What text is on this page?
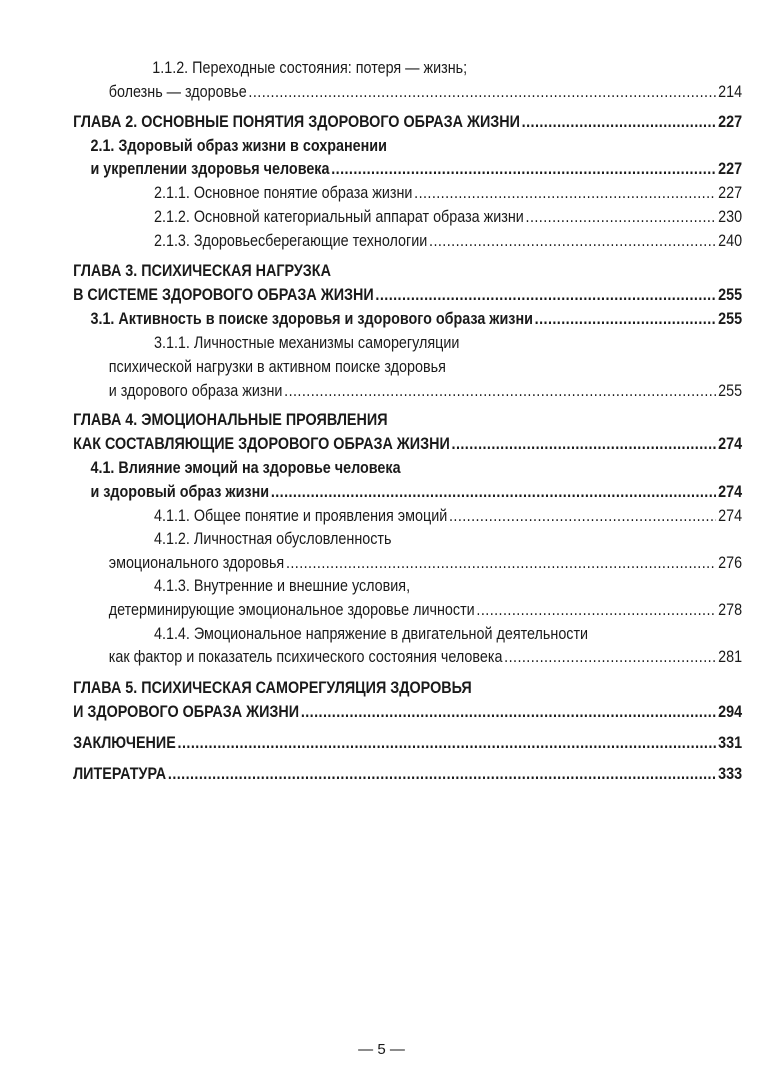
1.1.2. Переходные состояния: потеря — жизнь;
болезнь — здоровье .....	214
ГЛАВА 2. ОСНОВНЫЕ ПОНЯТИЯ ЗДОРОВОГО ОБРАЗА ЖИЗНИ .....	227
2.1. Здоровый образ жизни в сохранении
и укреплении здоровья человека .....	227
2.1.1. Основное понятие образа жизни .....	227
2.1.2. Основной категориальный аппарат образа жизни .....	230
2.1.3. Здоровьесберегающие технологии .....	240
ГЛАВА 3. ПСИХИЧЕСКАЯ НАГРУЗКА
В СИСТЕМЕ ЗДОРОВОГО ОБРАЗА ЖИЗНИ .....	255
3.1. Активность в поиске здоровья и здорового образа жизни .....	255
3.1.1. Личностные механизмы саморегуляции
психической нагрузки в активном поиске здоровья
и здорового образа жизни .....	255
ГЛАВА 4. ЭМОЦИОНАЛЬНЫЕ ПРОЯВЛЕНИЯ
КАК СОСТАВЛЯЮЩИЕ ЗДОРОВОГО ОБРАЗА ЖИЗНИ .....	274
4.1. Влияние эмоций на здоровье человека
и здоровый образ жизни .....	274
4.1.1. Общее понятие и проявления эмоций .....	274
4.1.2. Личностная обусловленность
эмоционального здоровья .....	276
4.1.3. Внутренние и внешние условия,
детерминирующие эмоциональное здоровье личности .....	278
4.1.4. Эмоциональное напряжение в двигательной деятельности
как фактор и показатель психического состояния человека .....	281
ГЛАВА 5. ПСИХИЧЕСКАЯ САМОРЕГУЛЯЦИЯ ЗДОРОВЬЯ
И ЗДОРОВОГО ОБРАЗА ЖИЗНИ .....	294
ЗАКЛЮЧЕНИЕ .....	331
ЛИТЕРАТУРА .....	333
— 5 —
